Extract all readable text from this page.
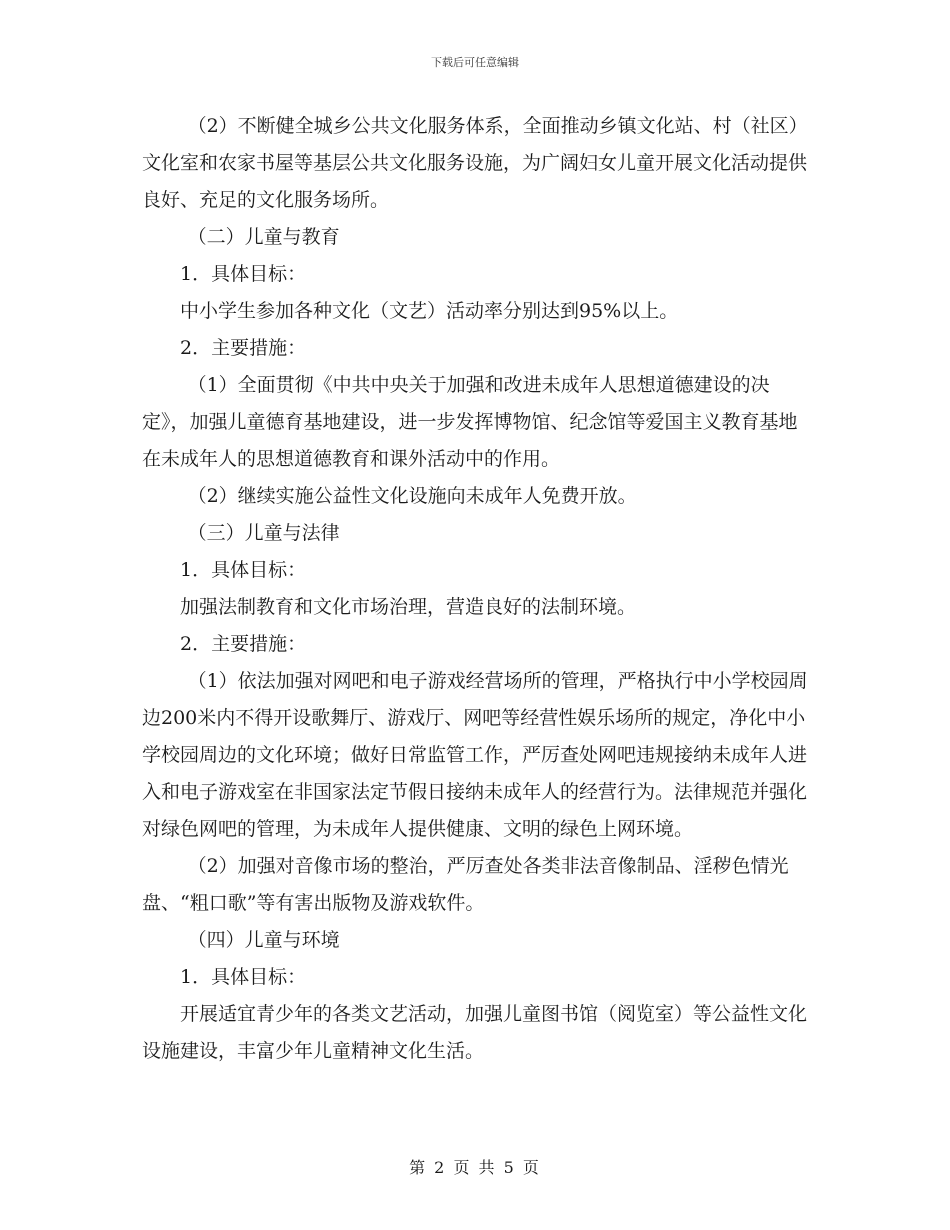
下载后可任意编辑

（2）不断健全城乡公共文化服务体系，全面推动乡镇文化站、村（社区）文化室和农家书屋等基层公共文化服务设施，为广阔妇女儿童开展文化活动提供良好、充足的文化服务场所。

（二）儿童与教育

1．具体目标：

中小学生参加各种文化（文艺）活动率分别达到95%以上。

2．主要措施：

（1）全面贯彻《中共中央关于加强和改进未成年人思想道德建设的决定》，加强儿童德育基地建设，进一步发挥博物馆、纪念馆等爱国主义教育基地在未成年人的思想道德教育和课外活动中的作用。

（2）继续实施公益性文化设施向未成年人免费开放。

（三）儿童与法律

1．具体目标：

加强法制教育和文化市场治理，营造良好的法制环境。

2．主要措施：

（1）依法加强对网吧和电子游戏经营场所的管理，严格执行中小学校园周边200米内不得开设歌舞厅、游戏厅、网吧等经营性娱乐场所的规定，净化中小学校园周边的文化环境；做好日常监管工作，严厉查处网吧违规接纳未成年人进入和电子游戏室在非国家法定节假日接纳未成年人的经营行为。法律规范并强化对绿色网吧的管理，为未成年人提供健康、文明的绿色上网环境。

（2）加强对音像市场的整治，严厉查处各类非法音像制品、淫秽色情光盘、“粗口歌”等有害出版物及游戏软件。

（四）儿童与环境

1．具体目标：

开展适宜青少年的各类文艺活动，加强儿童图书馆（阅览室）等公益性文化设施建设，丰富少年儿童精神文化生活。

第 2 页 共 5 页
